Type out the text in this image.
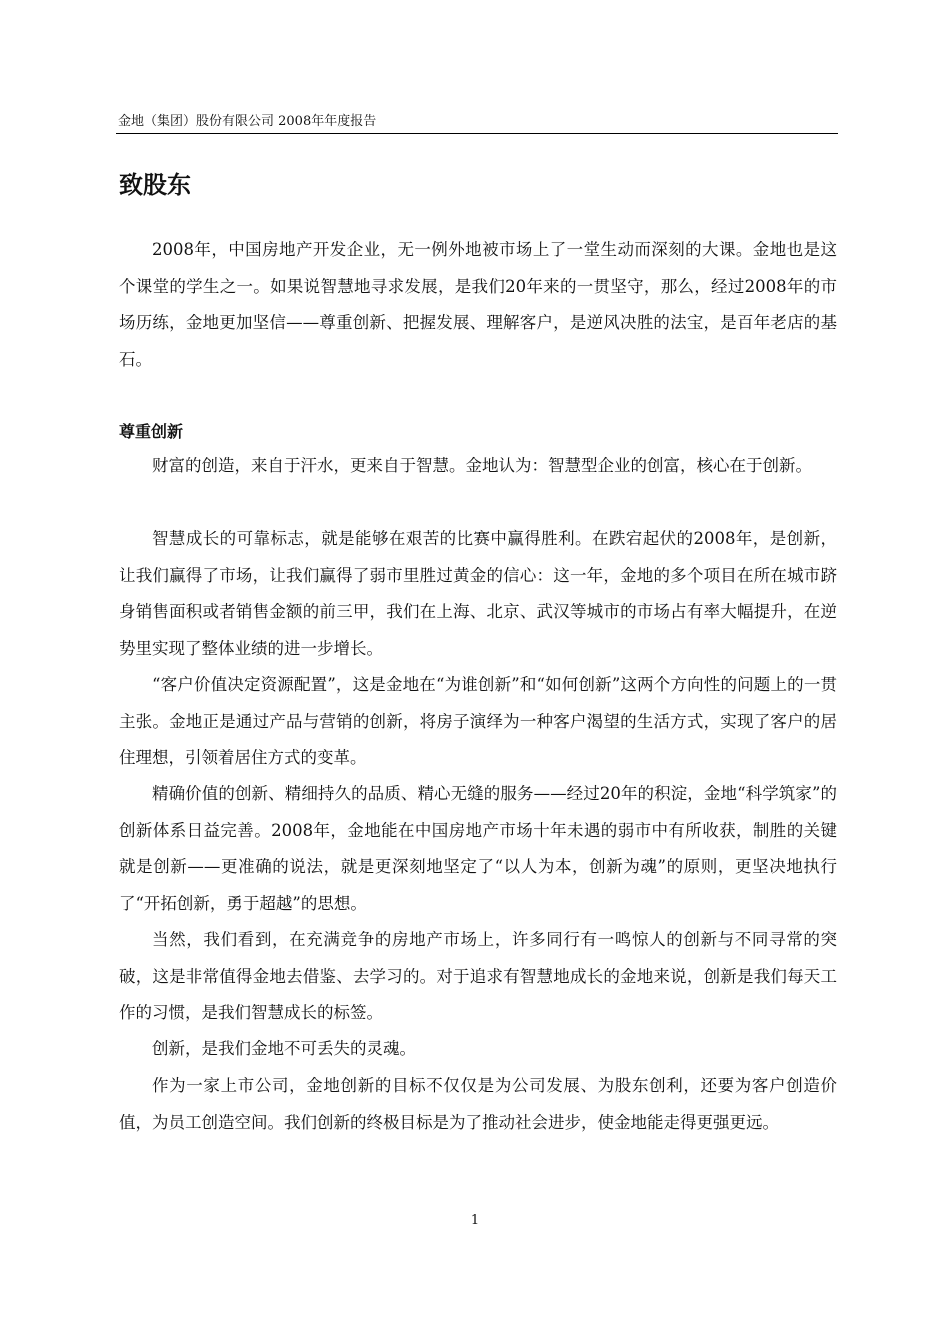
金地（集团）股份有限公司 2008年年度报告
致股东

2008年，中国房地产开发企业，无一例外地被市场上了一堂生动而深刻的大课。金地也是这个课堂的学生之一。如果说智慧地寻求发展，是我们20年来的一贯坚守，那么，经过2008年的市场历练，金地更加坚信——尊重创新、把握发展、理解客户，是逆风决胜的法宝，是百年老店的基石。

尊重创新

财富的创造，来自于汗水，更来自于智慧。金地认为：智慧型企业的创富，核心在于创新。

智慧成长的可靠标志，就是能够在艰苦的比赛中赢得胜利。在跌宕起伏的2008年，是创新，让我们赢得了市场，让我们赢得了弱市里胜过黄金的信心：这一年，金地的多个项目在所在城市跻身销售面积或者销售金额的前三甲，我们在上海、北京、武汉等城市的市场占有率大幅提升，在逆势里实现了整体业绩的进一步增长。

“客户价值决定资源配置”，这是金地在“为谁创新”和“如何创新”这两个方向性的问题上的一贯主张。金地正是通过产品与营销的创新，将房子演绎为一种客户渴望的生活方式，实现了客户的居住理想，引领着居住方式的变革。

精确价值的创新、精细持久的品质、精心无缝的服务——经过20年的积淀，金地“科学筑家”的创新体系日益完善。2008年，金地能在中国房地产市场十年未遇的弱市中有所收获，制胜的关键就是创新——更准确的说法，就是更深刻地坚定了“以人为本，创新为魂”的原则，更坚决地执行了“开拓创新，勇于超越”的思想。

当然，我们看到，在充满竞争的房地产市场上，许多同行有一鸣惊人的创新与不同寻常的突破，这是非常值得金地去借鉴、去学习的。对于追求有智慧地成长的金地来说，创新是我们每天工作的习惯，是我们智慧成长的标签。

创新，是我们金地不可丢失的灵魂。

作为一家上市公司，金地创新的目标不仅仅是为公司发展、为股东创利，还要为客户创造价值，为员工创造空间。我们创新的终极目标是为了推动社会进步，使金地能走得更强更远。

1
